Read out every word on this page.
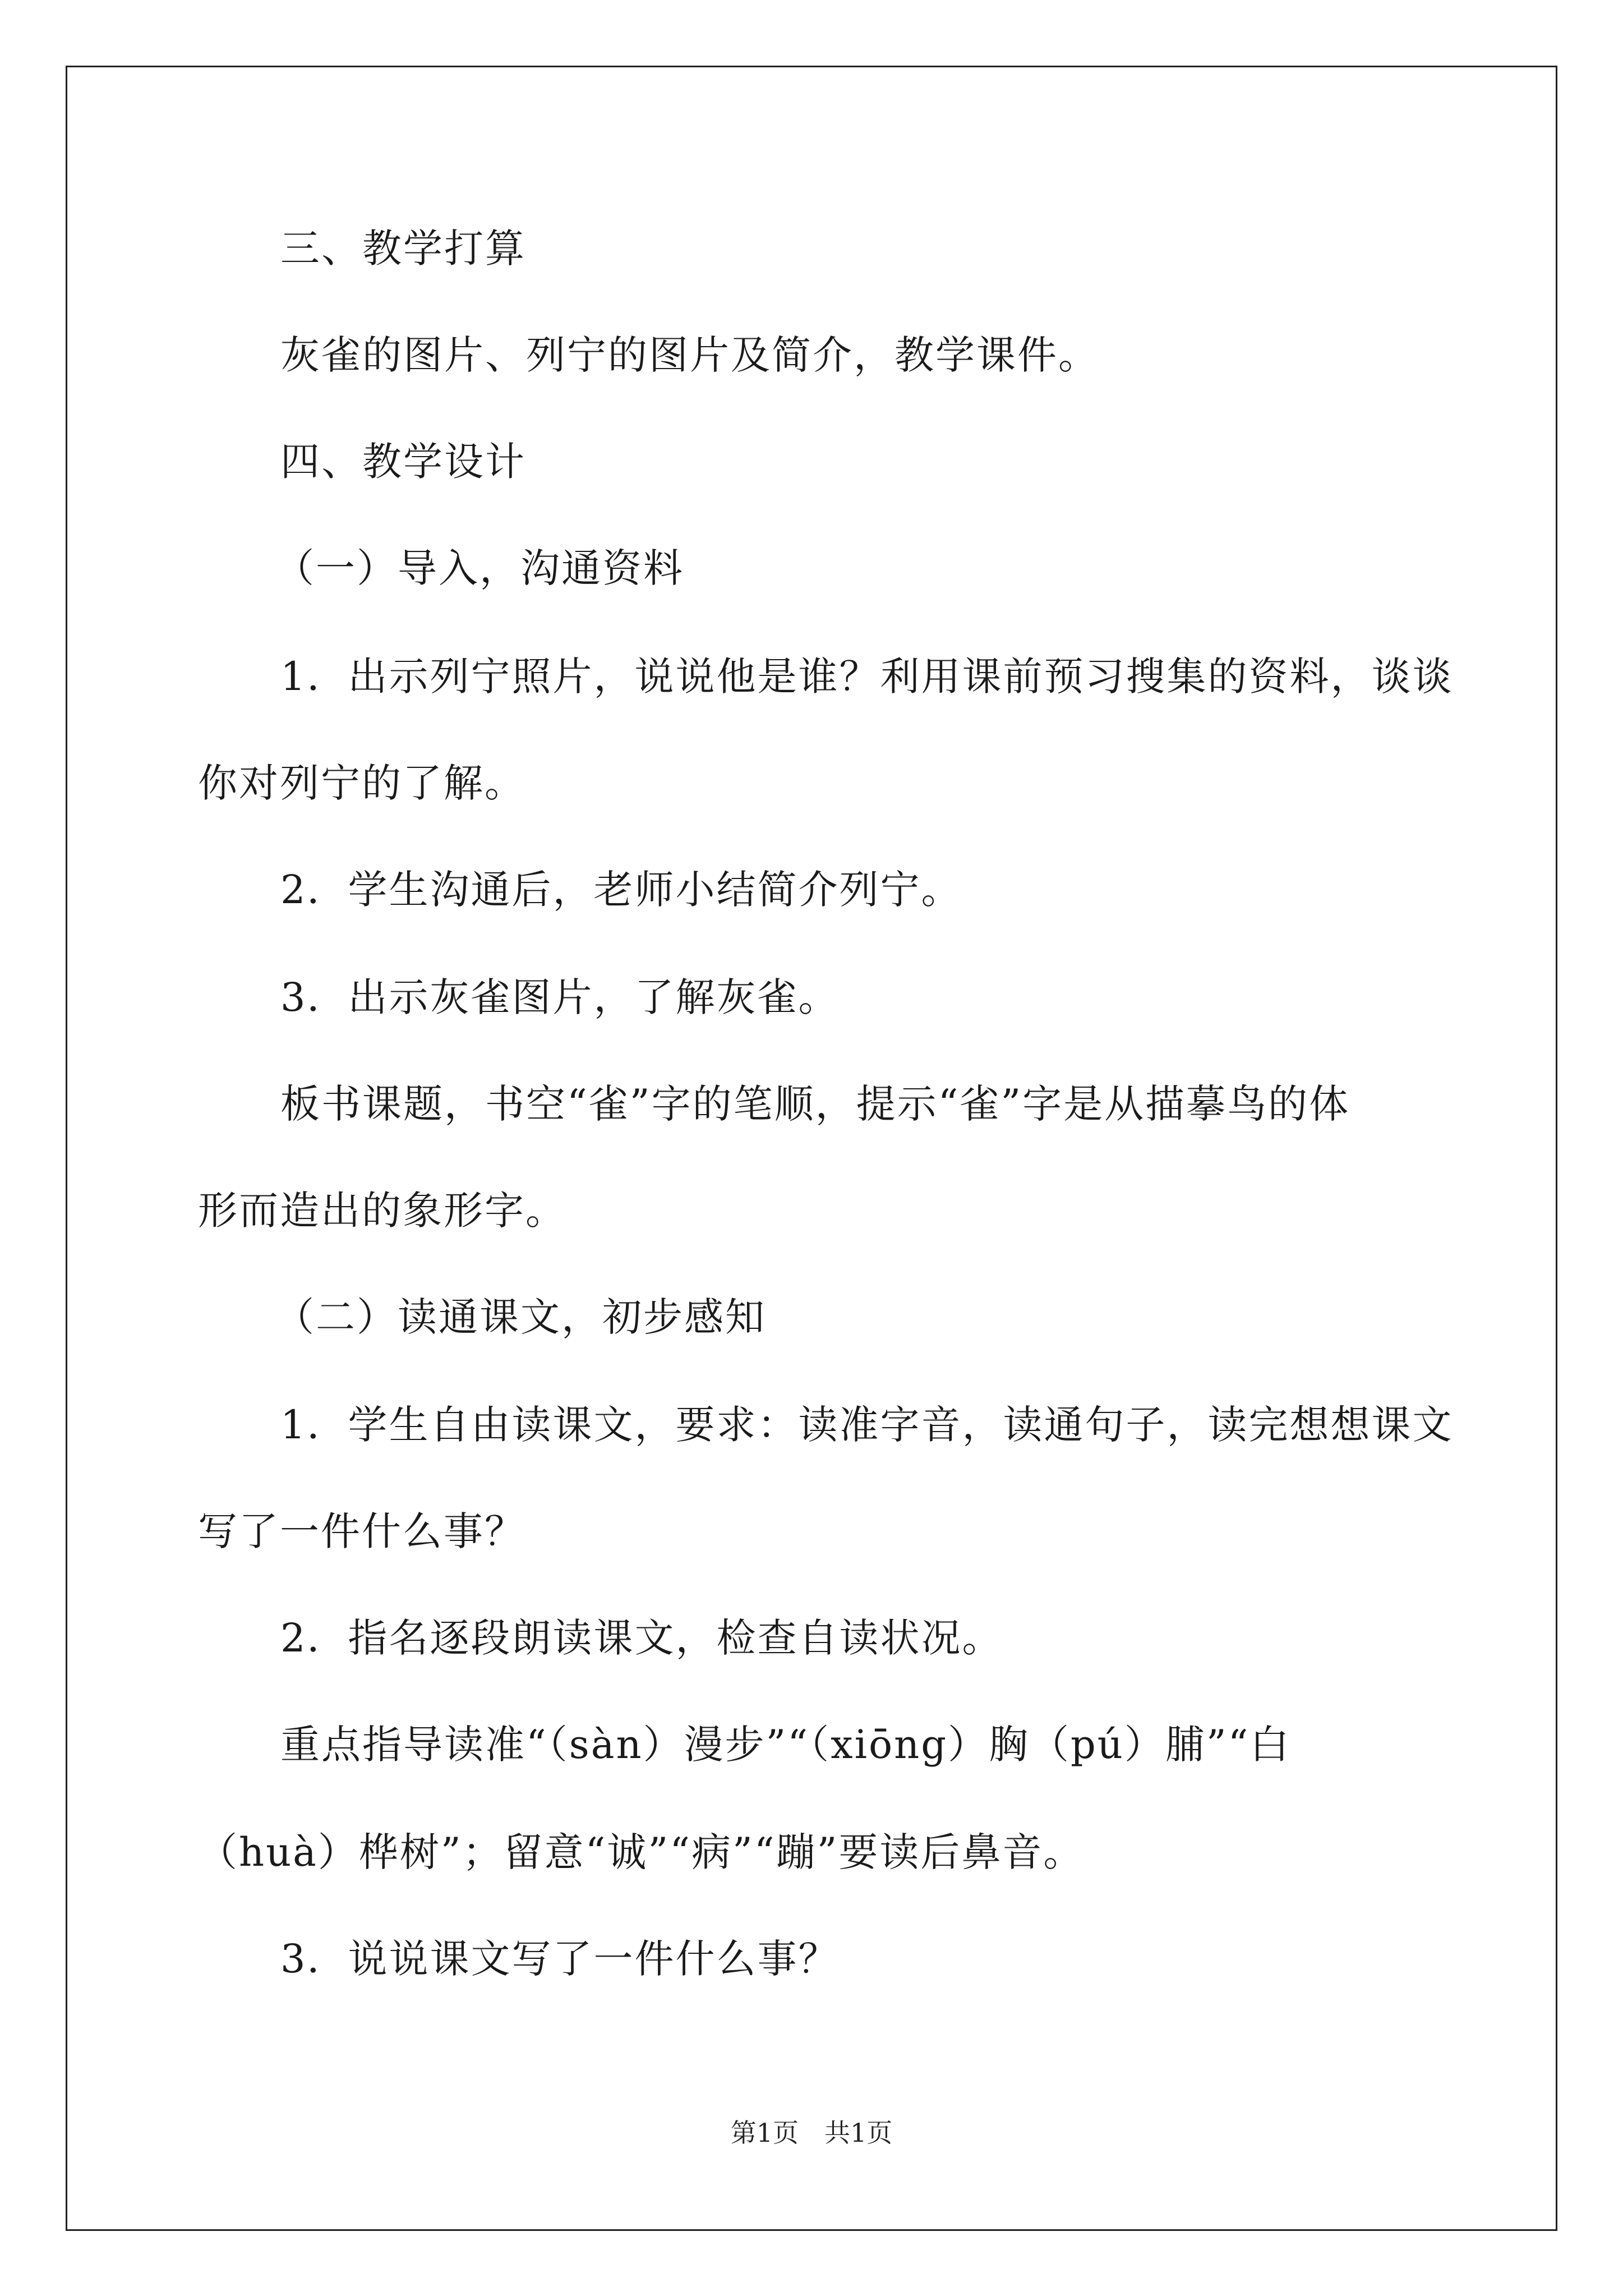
三、教学打算
灰雀的图片、列宁的图片及简介，教学课件。
四、教学设计
（一）导入，沟通资料
1．出示列宁照片，说说他是谁？利用课前预习搜集的资料，谈谈
你对列宁的了解。
2．学生沟通后，老师小结简介列宁。
3．出示灰雀图片，了解灰雀。
板书课题，书空“雀”字的笔顺，提示“雀”字是从描摹鸟的体
形而造出的象形字。
（二）读通课文，初步感知
1．学生自由读课文，要求：读准字音，读通句子，读完想想课文
写了一件什么事？
2．指名逐段朗读课文，检查自读状况。
重点指导读准“（sàn）漫步”“（xiōng）胸（pú）脯”“白
（huà）桦树”；留意“诚”“病”“蹦”要读后鼻音。
3．说说课文写了一件什么事？
第1页　共1页
